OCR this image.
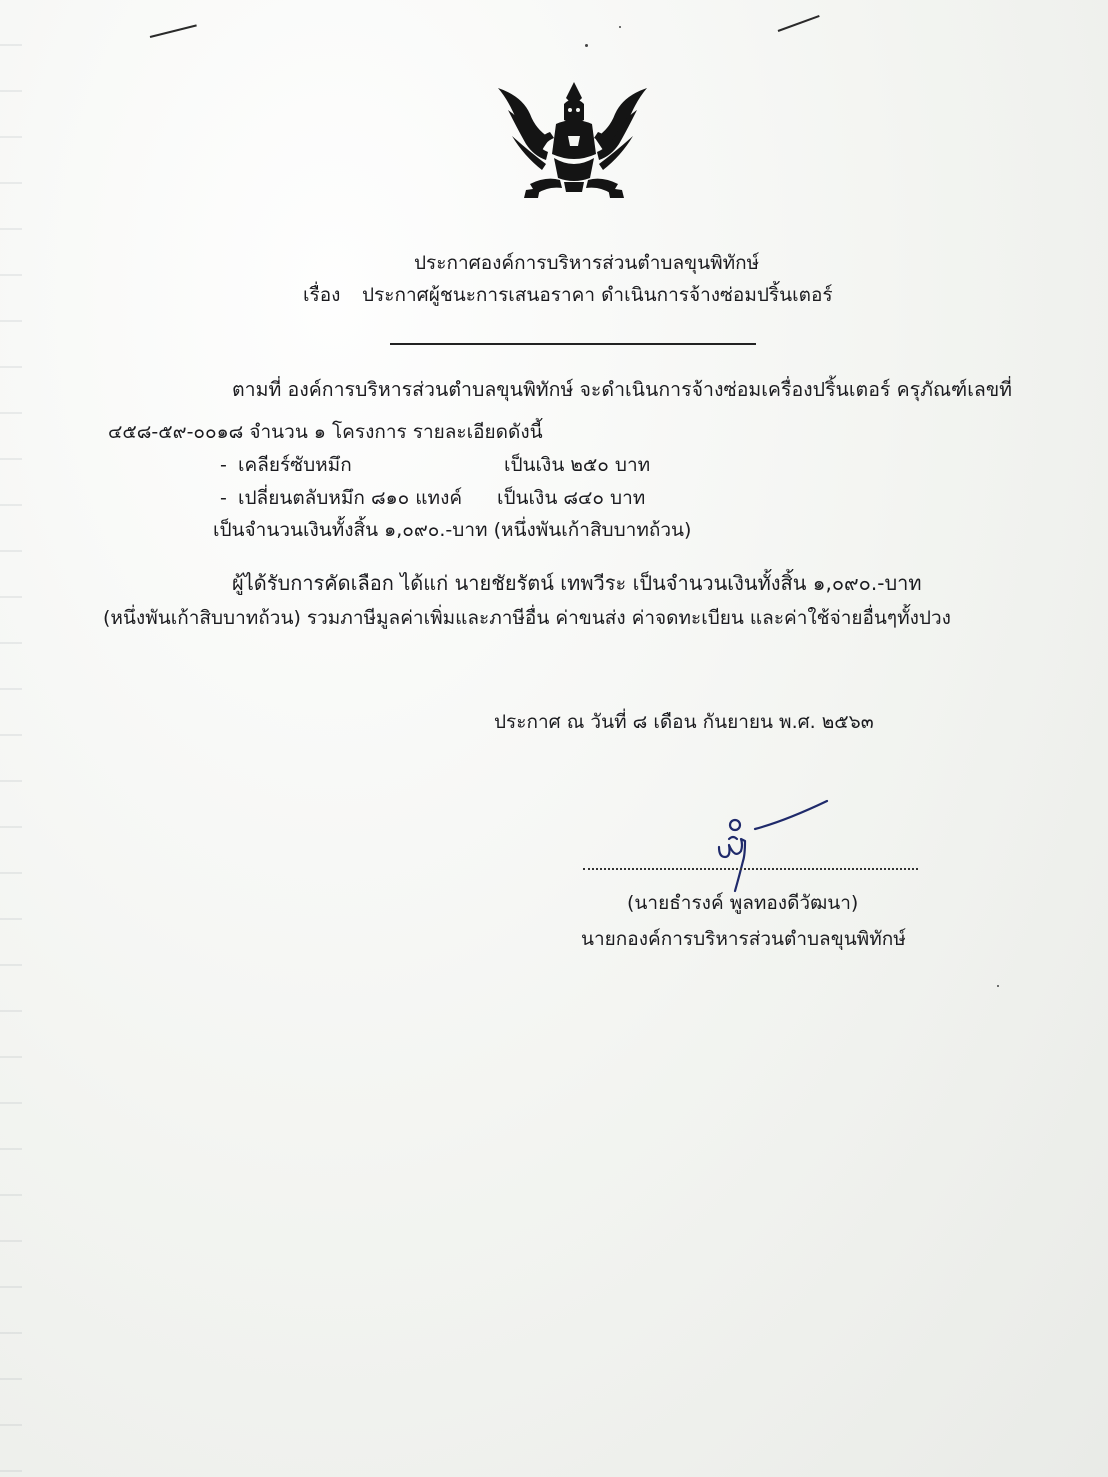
ประกาศองค์การบริหารส่วนตำบลขุนพิทักษ์
เรื่อง ประกาศผู้ชนะการเสนอราคา ดำเนินการจ้างซ่อมปริ้นเตอร์
ตามที่ องค์การบริหารส่วนตำบลขุนพิทักษ์ จะดำเนินการจ้างซ่อมเครื่องปริ้นเตอร์ ครุภัณฑ์เลขที่
๔๕๘-๕๙-๐๐๑๘ จำนวน ๑ โครงการ รายละเอียดดังนี้
- เคลียร์ซับหมึก	เป็นเงิน ๒๕๐ บาท
- เปลี่ยนตลับหมึก ๘๑๐ แทงค์ เป็นเงิน ๘๔๐ บาท
เป็นจำนวนเงินทั้งสิ้น ๑,๐๙๐.-บาท (หนึ่งพันเก้าสิบบาทถ้วน)
ผู้ได้รับการคัดเลือก ได้แก่ นายชัยรัตน์ เทพวีระ เป็นจำนวนเงินทั้งสิ้น ๑,๐๙๐.-บาท
(หนึ่งพันเก้าสิบบาทถ้วน) รวมภาษีมูลค่าเพิ่มและภาษีอื่น ค่าขนส่ง ค่าจดทะเบียน และค่าใช้จ่ายอื่นๆทั้งปวง
ประกาศ ณ วันที่ ๘ เดือน กันยายน พ.ศ. ๒๕๖๓
(นายธำรงค์ พูลทองดีวัฒนา)
นายกองค์การบริหารส่วนตำบลขุนพิทักษ์
